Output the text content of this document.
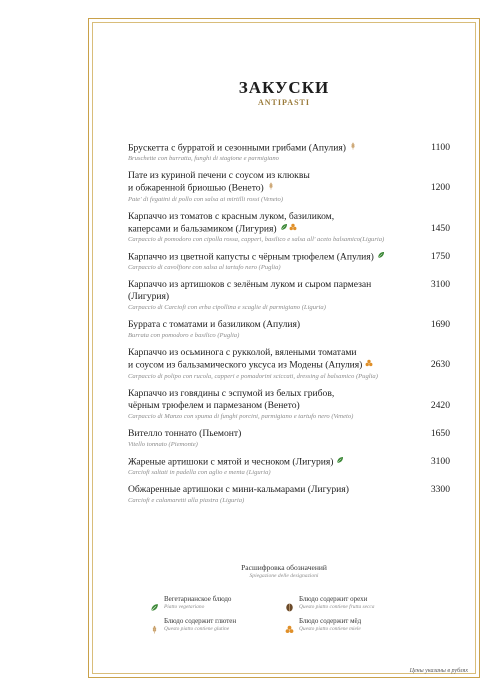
ЗАКУСКИ
ANTIPASTI
1100
Брускетта с бурратой и сезонными грибами (Апулия)
Bruschette con burratta, funghi di stagione e parmigiano
1200
Пате из куриной печени с соусом из клюквы
и обжаренной бриошью (Венето)
Pate' di fegatini di pollo con salsa ai mirtilli rossi (Veneto)
1450
Карпаччо из томатов с красным луком, базиликом,
каперсами и бальзамиком (Лигурия)
Carpaccio di pomodoro con cipolla rossa, capperi, basilico e salsa all' aceto balsamico(Liguria)
1750
Карпаччо из цветной капусты с чёрным трюфелем (Апулия)
Carpaccio di cavolfiore con salsa al tartufo nero (Puglia)
3100
Карпаччо из артишоков с зелёным луком и сыром пармезан (Лигурия)
Carpaccio di Carciofi con erba cipollina e scaglie di parmigiano (Liguria)
1690
Буррата с томатами и базиликом (Апулия)
Burrata con pomodoro e basilico (Puglia)
2630
Карпаччо из осьминога с рукколой, вялеными томатами
и соусом из бальзамического уксуса из Модены (Апулия)
Carpaccio di polipo con rucola, capperi e pomadorini sciccati, dressing al balsamico (Puglia)
2420
Карпаччо из говядины с эспумой из белых грибов,
чёрным трюфелем и пармезаном (Венето)
Carpaccio di Manzo con spuma di funghi porcini, parmigiano e tartufo nero (Veneto)
1650
Вителло тоннато (Пьемонт)
Vitello tonnato (Piemonte)
3100
Жареные артишоки с мятой и чесноком (Лигурия)
Carciofi saltati in padella con aglio e menta (Liguria)
3300
Обжаренные артишоки с мини-кальмарами (Лигурия)
Carciofi e calamaretti alla piastra (Liguria)
Расшифровка обозначений
Spiegazione delle designazioni
Вегетарианское блюдо
Piatto vegetariano
Блюдо содержит орехи
Questo piatto contiene frutta secca
Блюдо содержит глютен
Questo piatto contiene glutine
Блюдо содержит мёд
Questo piatto contiene miele
Цены указаны в рублях
